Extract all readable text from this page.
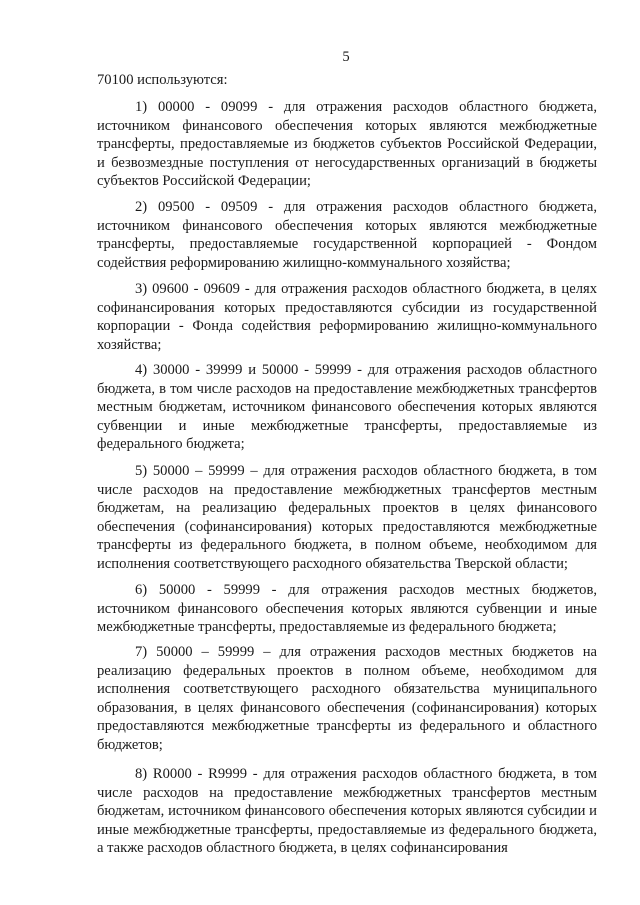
5
70100 используются:

1) 00000 - 09099 - для отражения расходов областного бюджета, источником финансового обеспечения которых являются межбюджетные трансферты, предоставляемые из бюджетов субъектов Российской Федерации, и безвозмездные поступления от негосударственных организаций в бюджеты субъектов Российской Федерации;

2) 09500 - 09509 - для отражения расходов областного бюджета, источником финансового обеспечения которых являются межбюджетные трансферты, предоставляемые государственной корпорацией - Фондом содействия реформированию жилищно-коммунального хозяйства;

3) 09600 - 09609 - для отражения расходов областного бюджета, в целях софинансирования которых предоставляются субсидии из государственной корпорации - Фонда содействия реформированию жилищно-коммунального хозяйства;

4) 30000 - 39999 и 50000 - 59999 - для отражения расходов областного бюджета, в том числе расходов на предоставление межбюджетных трансфертов местным бюджетам, источником финансового обеспечения которых являются субвенции и иные межбюджетные трансферты, предоставляемые из федерального бюджета;

5) 50000 – 59999 – для отражения расходов областного бюджета, в том числе расходов на предоставление межбюджетных трансфертов местным бюджетам, на реализацию федеральных проектов в целях финансового обеспечения (софинансирования) которых предоставляются межбюджетные трансферты из федерального бюджета, в полном объеме, необходимом для исполнения соответствующего расходного обязательства Тверской области;

6) 50000 - 59999 - для отражения расходов местных бюджетов, источником финансового обеспечения которых являются субвенции и иные межбюджетные трансферты, предоставляемые из федерального бюджета;

7) 50000 – 59999 – для отражения расходов местных бюджетов на реализацию федеральных проектов в полном объеме, необходимом для исполнения соответствующего расходного обязательства муниципального образования, в целях финансового обеспечения (софинансирования) которых предоставляются межбюджетные трансферты из федерального и областного бюджетов;

8) R0000 - R9999 - для отражения расходов областного бюджета, в том числе расходов на предоставление межбюджетных трансфертов местным бюджетам, источником финансового обеспечения которых являются субсидии и иные межбюджетные трансферты, предоставляемые из федерального бюджета, а также расходов областного бюджета, в целях софинансирования
